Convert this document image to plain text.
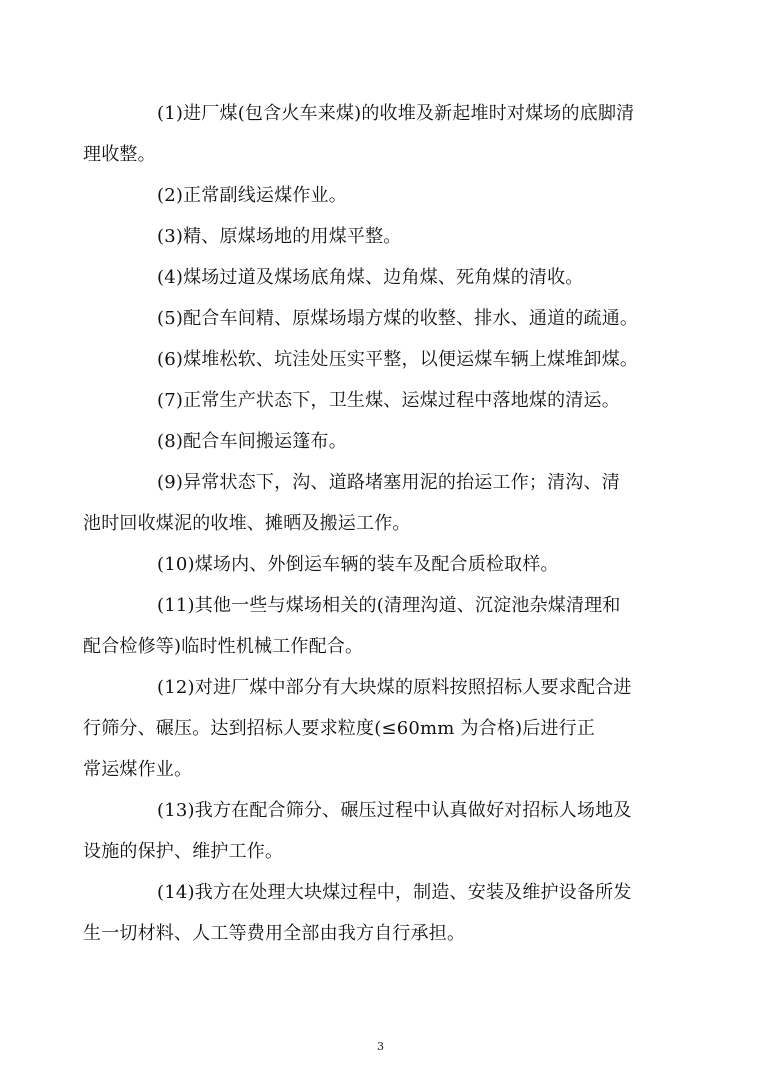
(1)进厂煤(包含火车来煤)的收堆及新起堆时对煤场的底脚清
理收整。

(2)正常副线运煤作业。

(3)精、原煤场地的用煤平整。

(4)煤场过道及煤场底角煤、边角煤、死角煤的清收。

(5)配合车间精、原煤场塌方煤的收整、排水、通道的疏通。

(6)煤堆松软、坑洼处压实平整，以便运煤车辆上煤堆卸煤。

(7)正常生产状态下，卫生煤、运煤过程中落地煤的清运。

(8)配合车间搬运篷布。

(9)异常状态下，沟、道路堵塞用泥的抬运工作；清沟、清
池时回收煤泥的收堆、摊晒及搬运工作。

(10)煤场内、外倒运车辆的装车及配合质检取样。

(11)其他一些与煤场相关的(清理沟道、沉淀池杂煤清理和
配合检修等)临时性机械工作配合。

(12)对进厂煤中部分有大块煤的原料按照招标人要求配合进
行筛分、碾压。达到招标人要求粒度(≤60mm 为合格)后进行正
常运煤作业。

(13)我方在配合筛分、碾压过程中认真做好对招标人场地及
设施的保护、维护工作。

(14)我方在处理大块煤过程中，制造、安装及维护设备所发
生一切材料、人工等费用全部由我方自行承担。

3
